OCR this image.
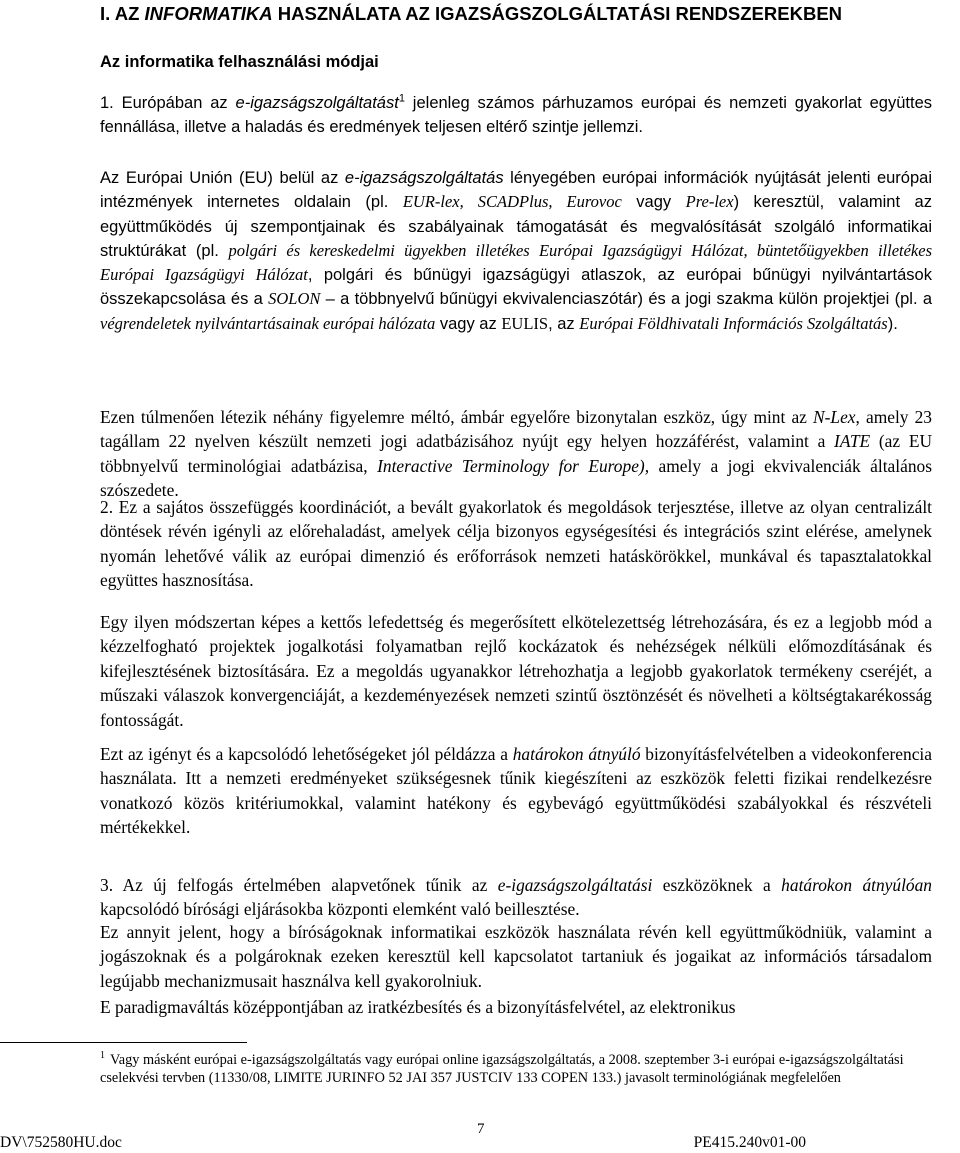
I. AZ INFORMATIKA HASZNÁLATA AZ IGAZSÁGSZOLGÁLTATÁSI RENDSZEREKBEN
Az informatika felhasználási módjai

1. Európában az e-igazságszolgáltatást$^1$ jelenleg számos párhuzamos európai és nemzeti gyakorlat együttes fennállása, illetve a haladás és eredmények teljesen eltérő szintje jellemzi.

Az Európai Unión (EU) belül az e-igazságszolgáltatás lényegében európai információk nyújtását jelenti európai intézmények internetes oldalain (pl. EUR-lex, SCADPlus, Eurovoc vagy Pre-lex) keresztül, valamint az együttműködés új szempontjainak és szabályainak támogatását és megvalósítását szolgáló informatikai struktúrákat (pl. polgári és kereskedelmi ügyekben illetékes Európai Igazságügyi Hálózat, büntetőügyekben illetékes Európai Igazságügyi Hálózat, polgári és bűnügyi igazságügyi atlaszok, az európai bűnügyi nyilvántartások összekapcsolása és a SOLON – a többnyelvű bűnügyi ekvivalenciaszótár) és a jogi szakma külön projektjei (pl. a végrendeletek nyilvántartásainak európai hálózata vagy az EULIS, az Európai Földhivatali Információs Szolgáltatás).

Ezt az igényt és a kapcsolódó lehetőségeket jól példázza a határokon átnyúló bizonyításfelvételben a videokonferencia használata. Itt a nemzeti eredményeket szükségesnek tűnik kiegészíteni az eszközök feletti fizikai rendelkezésre vonatkozó közös kritériumokkal, valamint hatékony és egybevágó együttműködési szabályokkal és részvételi mértékekkel.

Ezen túlmenően létezik néhány figyelemre méltó, ámbár egyelőre bizonytalan eszköz, úgy mint az N-Lex, amely 23 tagállam 22 nyelven készült nemzeti jogi adatbázisához nyújt egy helyen hozzáférést, valamint a IATE (az EU többnyelvű terminológiai adatbázisa, Interactive Terminology for Europe), amely a jogi ekvivalenciák általános szószedete.

2. Ez a sajátos összefüggés koordinációt, a bevált gyakorlatok és megoldások terjesztése, illetve az olyan centralizált döntések révén igényli az előrehaladást, amelyek célja bizonyos egységesítési és integrációs szint elérése, amelynek nyomán lehetővé válik az európai dimenzió és erőforrások nemzeti hatáskörökkel, munkával és tapasztalatokkal együttes hasznosítása.
Egy ilyen módszertan képes a kettős lefedettség és megerősített elkötelezettség létrehozására, és ez a legjobb mód a kézzelfogható projektek jogalkotási folyamatban rejlő kockázatok és nehézségek nélküli előmozdításának és kifejlesztésének biztosítására. Ez a megoldás ugyanakkor létrehozhatja a legjobb gyakorlatok termékeny cseréjét, a műszaki válaszok konvergenciáját, a kezdeményezések nemzeti szintű ösztönzését és növelheti a költségtakarékosság fontosságát.

3. Az új felfogás értelmében alapvetőnek tűnik az e-igazságszolgáltatási eszközöknek a határokon átnyúlóan kapcsolódó bírósági eljárásokba központi elemként való beillesztése.

Ez annyit jelent, hogy a bíróságoknak informatikai eszközök használata révén kell együttműködniük, valamint a jogászoknak és a polgároknak ezeken keresztül kell kapcsolatot tartaniuk és jogaikat az információs társadalom legújabb mechanizmusait használva kell gyakorolniuk.
E paradigmaváltás középpontjában az iratkézbesítés és a bizonyításfelvétel, az elektronikus
$^1$ Vagy másként európai e-igazságszolgáltatás vagy európai online igazságszolgáltatás, a 2008. szeptember 3-i európai e-igazságszolgáltatási cselekvési tervben (11330/08, LIMITE JURINFO 52 JAI 357 JUSTCIV 133 COPEN 133.) javasolt terminológiának megfelelően
7
DV\752580HU.doc	PE415.240v01-00
